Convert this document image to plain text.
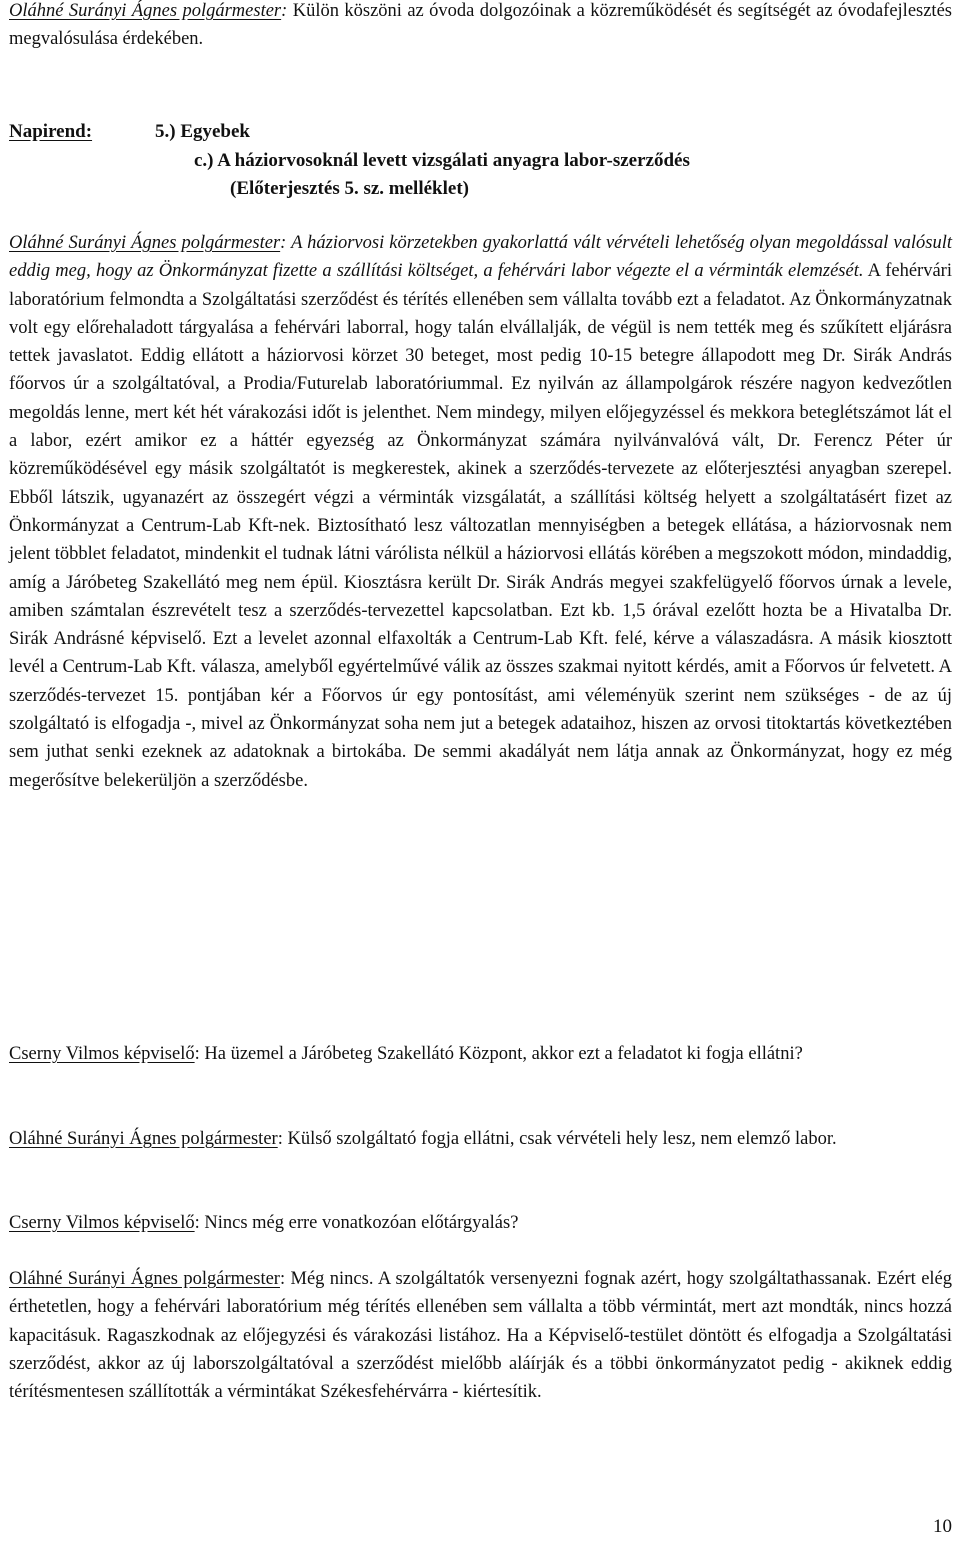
Oláhné Surányi Ágnes polgármester: Külön köszöni az óvoda dolgozóinak a közreműködését és segítségét az óvodafejlesztés megvalósulása érdekében.

Napirend:	5.) Egyebek
c.) A háziorvosoknál levett vizsgálati anyagra labor-szerződés
(Előterjesztés 5. sz. melléklet)

Oláhné Surányi Ágnes polgármester: A háziorvosi körzetekben gyakorlattá vált vérvételi lehetőség olyan megoldással valósult eddig meg, hogy az Önkormányzat fizette a szállítási költséget, a fehérvári labor végezte el a vérminták elemzését. A fehérvári laboratórium felmondta a Szolgáltatási szerződést és térítés ellenében sem vállalta tovább ezt a feladatot. Az Önkormányzatnak volt egy előrehaladott tárgyalása a fehérvári laborral, hogy talán elvállalják, de végül is nem tették meg és szűkített eljárásra tettek javaslatot. Eddig ellátott a háziorvosi körzet 30 beteget, most pedig 10-15 betegre állapodott meg Dr. Sirák András főorvos úr a szolgáltatóval, a Prodia/Futurelab laboratóriummal. Ez nyilván az állampolgárok részére nagyon kedvezőtlen megoldás lenne, mert két hét várakozási időt is jelenthet. Nem mindegy, milyen előjegyzéssel és mekkora beteglétszámot lát el a labor, ezért amikor ez a háttér egyezség az Önkormányzat számára nyilvánvalóvá vált, Dr. Ferencz Péter úr közreműködésével egy másik szolgáltatót is megkerestek, akinek a szerződés-tervezete az előterjesztési anyagban szerepel. Ebből látszik, ugyanazért az összegért végzi a vérminták vizsgálatát, a szállítási költség helyett a szolgáltatásért fizet az Önkormányzat a Centrum-Lab Kft-nek. Biztosítható lesz változatlan mennyiségben a betegek ellátása, a háziorvosnak nem jelent többlet feladatot, mindenkit el tudnak látni várólista nélkül a háziorvosi ellátás körében a megszokott módon, mindaddig, amíg a Járóbeteg Szakellátó meg nem épül. Kiosztásra került Dr. Sirák András megyei szakfelügyelő főorvos úrnak a levele, amiben számtalan észrevételt tesz a szerződés-tervezettel kapcsolatban. Ezt kb. 1,5 órával ezelőtt hozta be a Hivatalba Dr. Sirák Andrásné képviselő. Ezt a levelet azonnal elfaxolták a Centrum-Lab Kft. felé, kérve a válaszadásra. A másik kiosztott levél a Centrum-Lab Kft. válasza, amelyből egyértelművé válik az összes szakmai nyitott kérdés, amit a Főorvos úr felvetett. A szerződés-tervezet 15. pontjában kér a Főorvos úr egy pontosítást, ami véleményük szerint nem szükséges - de az új szolgáltató is elfogadja -, mivel az Önkormányzat soha nem jut a betegek adataihoz, hiszen az orvosi titoktartás következtében sem juthat senki ezeknek az adatoknak a birtokába. De semmi akadályát nem látja annak az Önkormányzat, hogy ez még megerősítve belekerüljön a szerződésbe.

Cserny Vilmos képviselő: Ha üzemel a Járóbeteg Szakellátó Központ, akkor ezt a feladatot ki fogja ellátni?

Oláhné Surányi Ágnes polgármester: Külső szolgáltató fogja ellátni, csak vérvételi hely lesz, nem elemző labor.

Cserny Vilmos képviselő: Nincs még erre vonatkozóan előtárgyalás?

Oláhné Surányi Ágnes polgármester: Még nincs. A szolgáltatók versenyezni fognak azért, hogy szolgáltathassanak. Ezért elég érthetetlen, hogy a fehérvári laboratórium még térítés ellenében sem vállalta a több vérmintát, mert azt mondták, nincs hozzá kapacitásuk. Ragaszkodnak az előjegyzési és várakozási listához. Ha a Képviselő-testület döntött és elfogadja a Szolgáltatási szerződést, akkor az új laborszolgáltatóval a szerződést mielőbb aláírják és a többi önkormányzatot pedig - akiknek eddig térítésmentesen szállították a vérmintákat Székesfehérvárra - kiértesítik.

10
